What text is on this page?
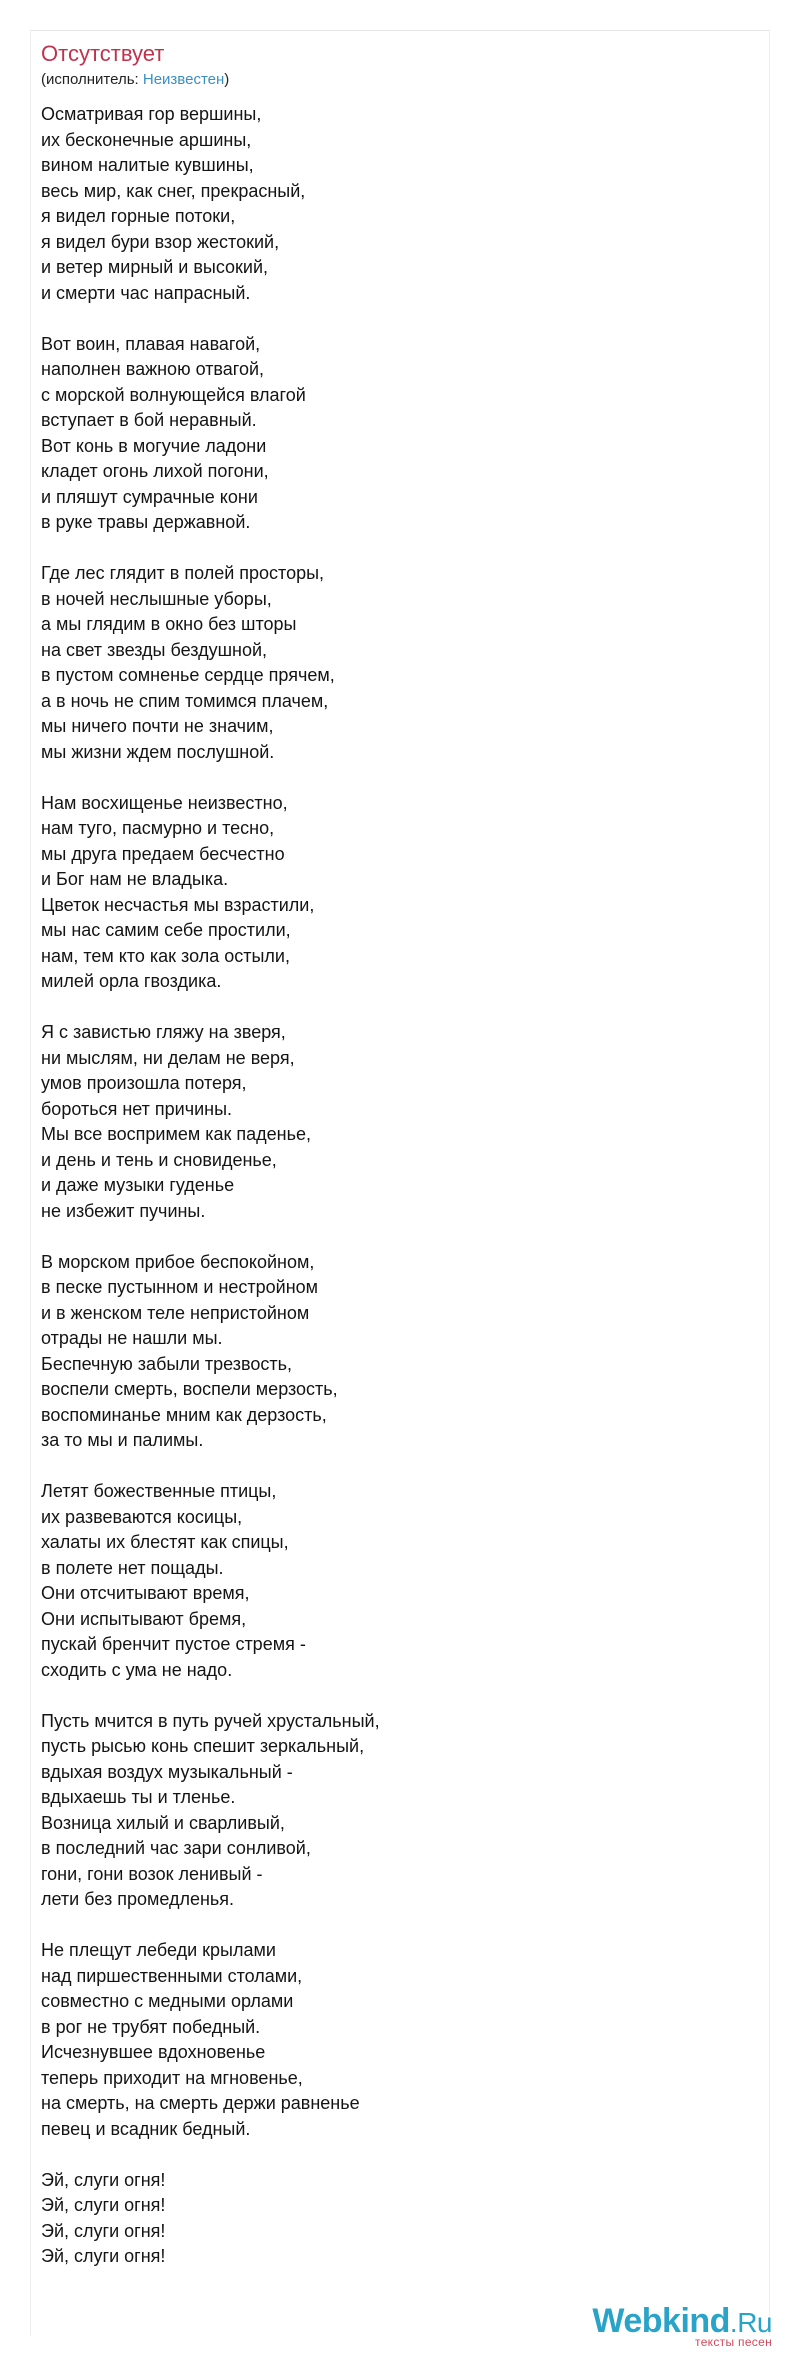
Отсутствует

(исполнитель: Неизвестен)

Осматривая гор вершины,
их бесконечные аршины,
вином налитые кувшины,
весь мир, как снег, прекрасный,
я видел горные потоки,
я видел бури взор жестокий,
и ветер мирный и высокий,
и смерти час напрасный.
Вот воин, плавая навагой,
наполнен важною отвагой,
с морской волнующейся влагой
вступает в бой неравный.
Вот конь в могучие ладони
кладет огонь лихой погони,
и пляшут сумрачные кони
в руке травы державной.
Где лес глядит в полей просторы,
в ночей неслышные уборы,
а мы глядим в окно без шторы
на свет звезды бездушной,
в пустом сомненье сердце прячем,
а в ночь не спим томимся плачем,
мы ничего почти не значим,
мы жизни ждем послушной.
Нам восхищенье неизвестно,
нам туго, пасмурно и тесно,
мы друга предаем бесчестно
и Бог нам не владыка.
Цветок несчастья мы взрастили,
мы нас самим себе простили,
нам, тем кто как зола остыли,
милей орла гвоздика.
Я с завистью гляжу на зверя,
ни мыслям, ни делам не веря,
умов произошла потеря,
бороться нет причины.
Мы все воспримем как паденье,
и день и тень и сновиденье,
и даже музыки гуденье
не избежит пучины.
В морском прибое беспокойном,
в песке пустынном и нестройном
и в женском теле непристойном
отрады не нашли мы.
Беспечную забыли трезвость,
воспели смерть, воспели мерзость,
воспоминанье мним как дерзость,
за то мы и палимы.
Летят божественные птицы,
их развеваются косицы,
халаты их блестят как спицы,
в полете нет пощады.
Они отсчитывают время,
Они испытывают бремя,
пускай бренчит пустое стремя -
сходить с ума не надо.
Пусть мчится в путь ручей хрустальный,
пусть рысью конь спешит зеркальный,
вдыхая воздух музыкальный -
вдыхаешь ты и тленье.
Возница хилый и сварливый,
в последний час зари сонливой,
гони, гони возок ленивый -
лети без промедленья.
Не плещут лебеди крылами
над пиршественными столами,
совместно с медными орлами
в рог не трубят победный.
Исчезнувшее вдохновенье
теперь приходит на мгновенье,
на смерть, на смерть держи равненье
певец и всадник бедный.
Эй, слуги огня!
Эй, слуги огня!
Эй, слуги огня!
Эй, слуги огня!
Webkind.Ru
тексты песен
